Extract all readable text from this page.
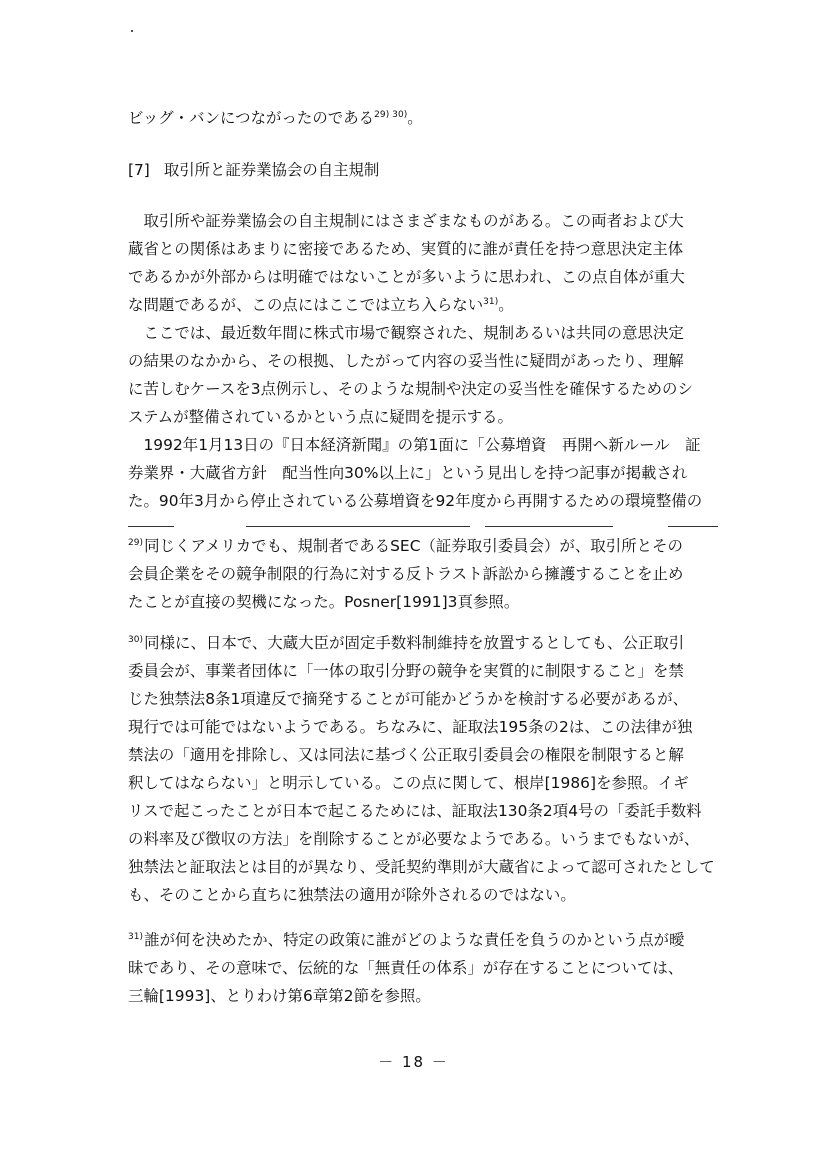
ビッグ・バンにつながったのである$^{29) 30)}$。
[7] 取引所と証券業協会の自主規制
　取引所や証券業協会の自主規制にはさまざまなものがある。この両者および大
蔵省との関係はあまりに密接であるため、実質的に誰が責任を持つ意思決定主体
であるかが外部からは明確ではないことが多いように思われ、この点自体が重大
な問題であるが、この点にはここでは立ち入らない$^{31)}$。
　ここでは、最近数年間に株式市場で観察された、規制あるいは共同の意思決定
の結果のなかから、その根拠、したがって内容の妥当性に疑問があったり、理解
に苦しむケースを3点例示し、そのような規制や決定の妥当性を確保するためのシ
ステムが整備されているかという点に疑問を提示する。
　1992年1月13日の『日本経済新聞』の第1面に「公募増資　再開へ新ルール　証
券業界・大蔵省方針　配当性向30%以上に」という見出しを持つ記事が掲載され
た。90年3月から停止されている公募増資を92年度から再開するための環境整備の
$^{29)}$同じくアメリカでも、規制者であるSEC（証券取引委員会）が、取引所とその
会員企業をその競争制限的行為に対する反トラスト訴訟から擁護することを止め
たことが直接の契機になった。Posner[1991]3頁参照。
$^{30)}$同様に、日本で、大蔵大臣が固定手数料制維持を放置するとしても、公正取引
委員会が、事業者団体に「一体の取引分野の競争を実質的に制限すること」を禁
じた独禁法8条1項違反で摘発することが可能かどうかを検討する必要があるが、
現行では可能ではないようである。ちなみに、証取法195条の2は、この法律が独
禁法の「適用を排除し、又は同法に基づく公正取引委員会の権限を制限すると解
釈してはならない」と明示している。この点に関して、根岸[1986]を参照。イギ
リスで起こったことが日本で起こるためには、証取法130条2項4号の「委託手数料
の料率及び徴収の方法」を削除することが必要なようである。いうまでもないが、
独禁法と証取法とは目的が異なり、受託契約準則が大蔵省によって認可されたとして
も、そのことから直ちに独禁法の適用が除外されるのではない。
$^{31)}$誰が何を決めたか、特定の政策に誰がどのような責任を負うのかという点が曖
昧であり、その意味で、伝統的な「無責任の体系」が存在することについては、
三輪[1993]、とりわけ第6章第2節を参照。
－ 18 －
